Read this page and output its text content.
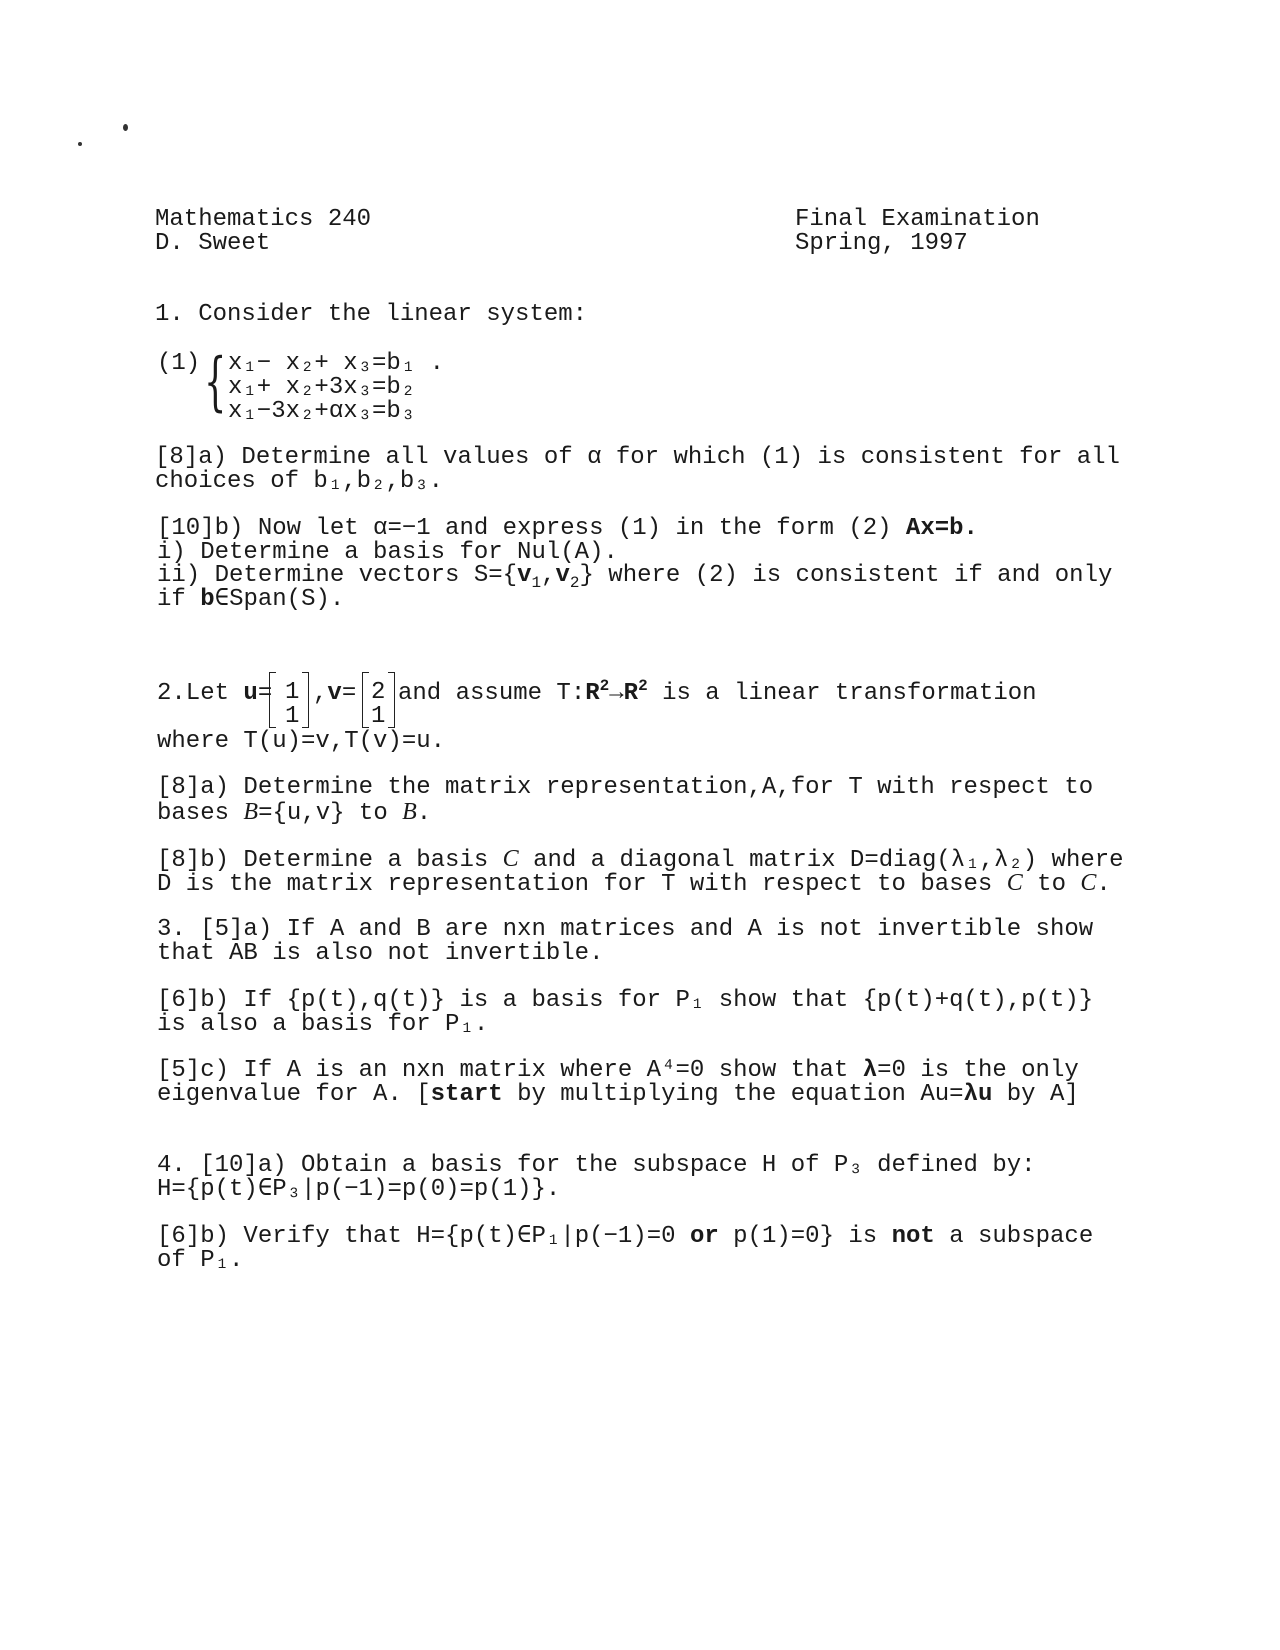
Mathematics 240
D. Sweet
Final Examination
Spring, 1997
1. Consider the linear system:
(1) { x₁− x₂+ x₃=b₁ .
x₁+ x₂+3x₃=b₂
x₁−3x₂+αx₃=b₃
[8]a) Determine all values of α for which (1) is consistent for all
choices of b₁,b₂,b₃.
[10]b) Now let α=−1 and express (1) in the form (2) Ax=b.
i) Determine a basis for Nul(A).
ii) Determine vectors $S=\{v_1,v_2\}$ where (2) is consistent if and only
if b∈Span(S).
2.Let u= 1
1
,v= 2
1
and assume $T:R^2\to R^2$ is a linear transformation
where T(u)=v,T(v)=u.
[8]a) Determine the matrix representation,A,for T with respect to
bases B={u,v} to B.
[8]b) Determine a basis C and a diagonal matrix D=diag(λ₁,λ₂) where
D is the matrix representation for T with respect to bases C to C.
3. [5]a) If A and B are nxn matrices and A is not invertible show
that AB is also not invertible.
[6]b) If {p(t),q(t)} is a basis for P₁ show that {p(t)+q(t),p(t)}
is also a basis for P₁.
[5]c) If A is an nxn matrix where A⁴=0 show that λ=0 is the only
eigenvalue for A. [start by multiplying the equation Au=λu by A]
4. [10]a) Obtain a basis for the subspace H of P₃ defined by:
H={p(t)∈P₃|p(−1)=p(0)=p(1)}.
[6]b) Verify that H={p(t)∈P₁|p(−1)=0 or p(1)=0} is not a subspace
of P₁.
